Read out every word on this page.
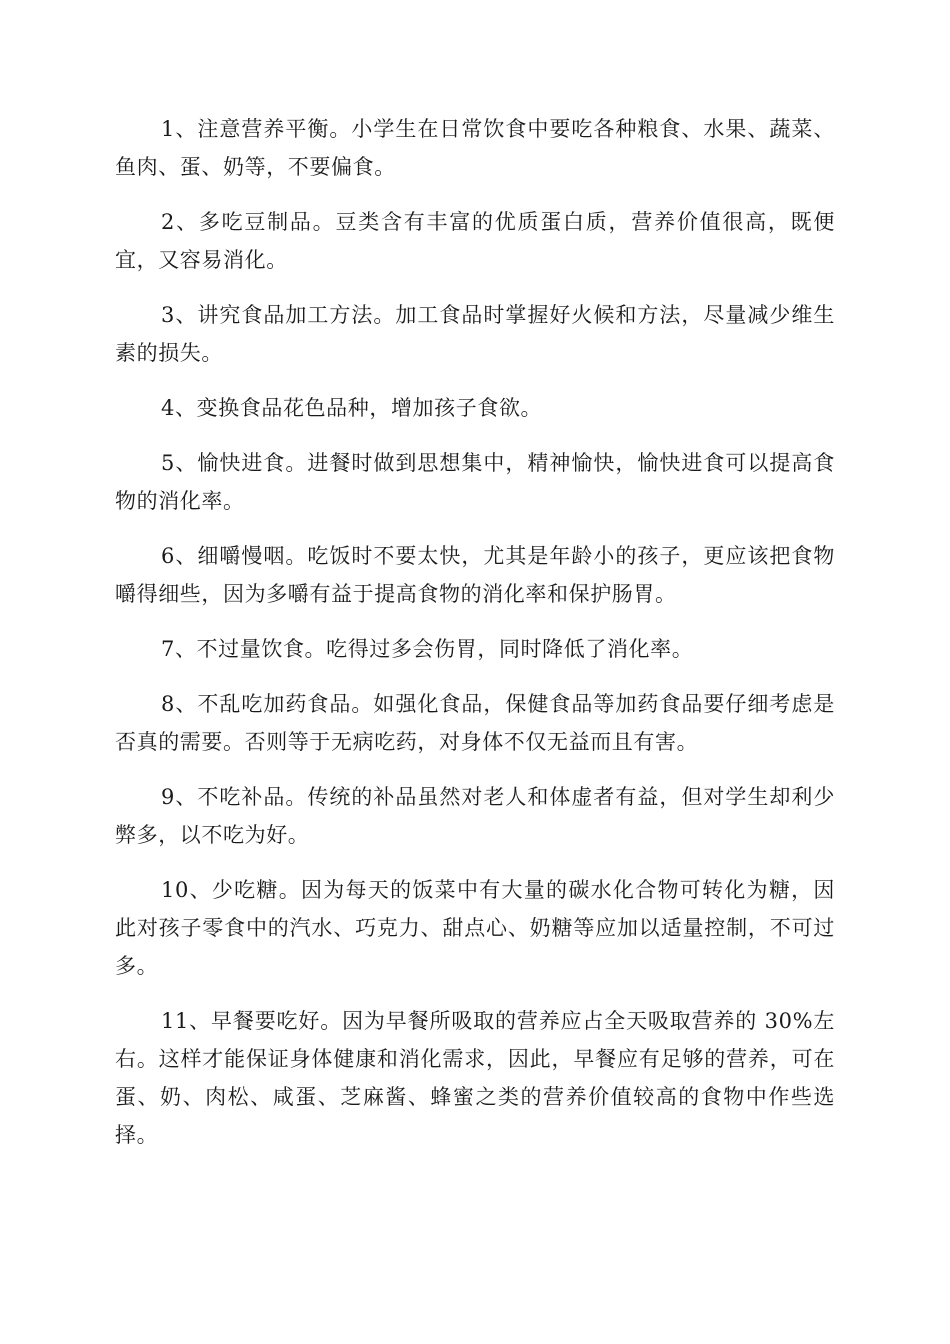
1、注意营养平衡。小学生在日常饮食中要吃各种粮食、水果、蔬菜、鱼肉、蛋、奶等，不要偏食。

2、多吃豆制品。豆类含有丰富的优质蛋白质，营养价值很高，既便宜，又容易消化。

3、讲究食品加工方法。加工食品时掌握好火候和方法，尽量减少维生素的损失。

4、变换食品花色品种，增加孩子食欲。

5、愉快进食。进餐时做到思想集中，精神愉快，愉快进食可以提高食物的消化率。

6、细嚼慢咽。吃饭时不要太快，尤其是年龄小的孩子，更应该把食物嚼得细些，因为多嚼有益于提高食物的消化率和保护肠胃。

7、不过量饮食。吃得过多会伤胃，同时降低了消化率。

8、不乱吃加药食品。如强化食品，保健食品等加药食品要仔细考虑是否真的需要。否则等于无病吃药，对身体不仅无益而且有害。

9、不吃补品。传统的补品虽然对老人和体虚者有益，但对学生却利少弊多，以不吃为好。

10、少吃糖。因为每天的饭菜中有大量的碳水化合物可转化为糖，因此对孩子零食中的汽水、巧克力、甜点心、奶糖等应加以适量控制，不可过多。

11、早餐要吃好。因为早餐所吸取的营养应占全天吸取营养的 30%左右。这样才能保证身体健康和消化需求，因此，早餐应有足够的营养，可在蛋、奶、肉松、咸蛋、芝麻酱、蜂蜜之类的营养价值较高的食物中作些选择。
